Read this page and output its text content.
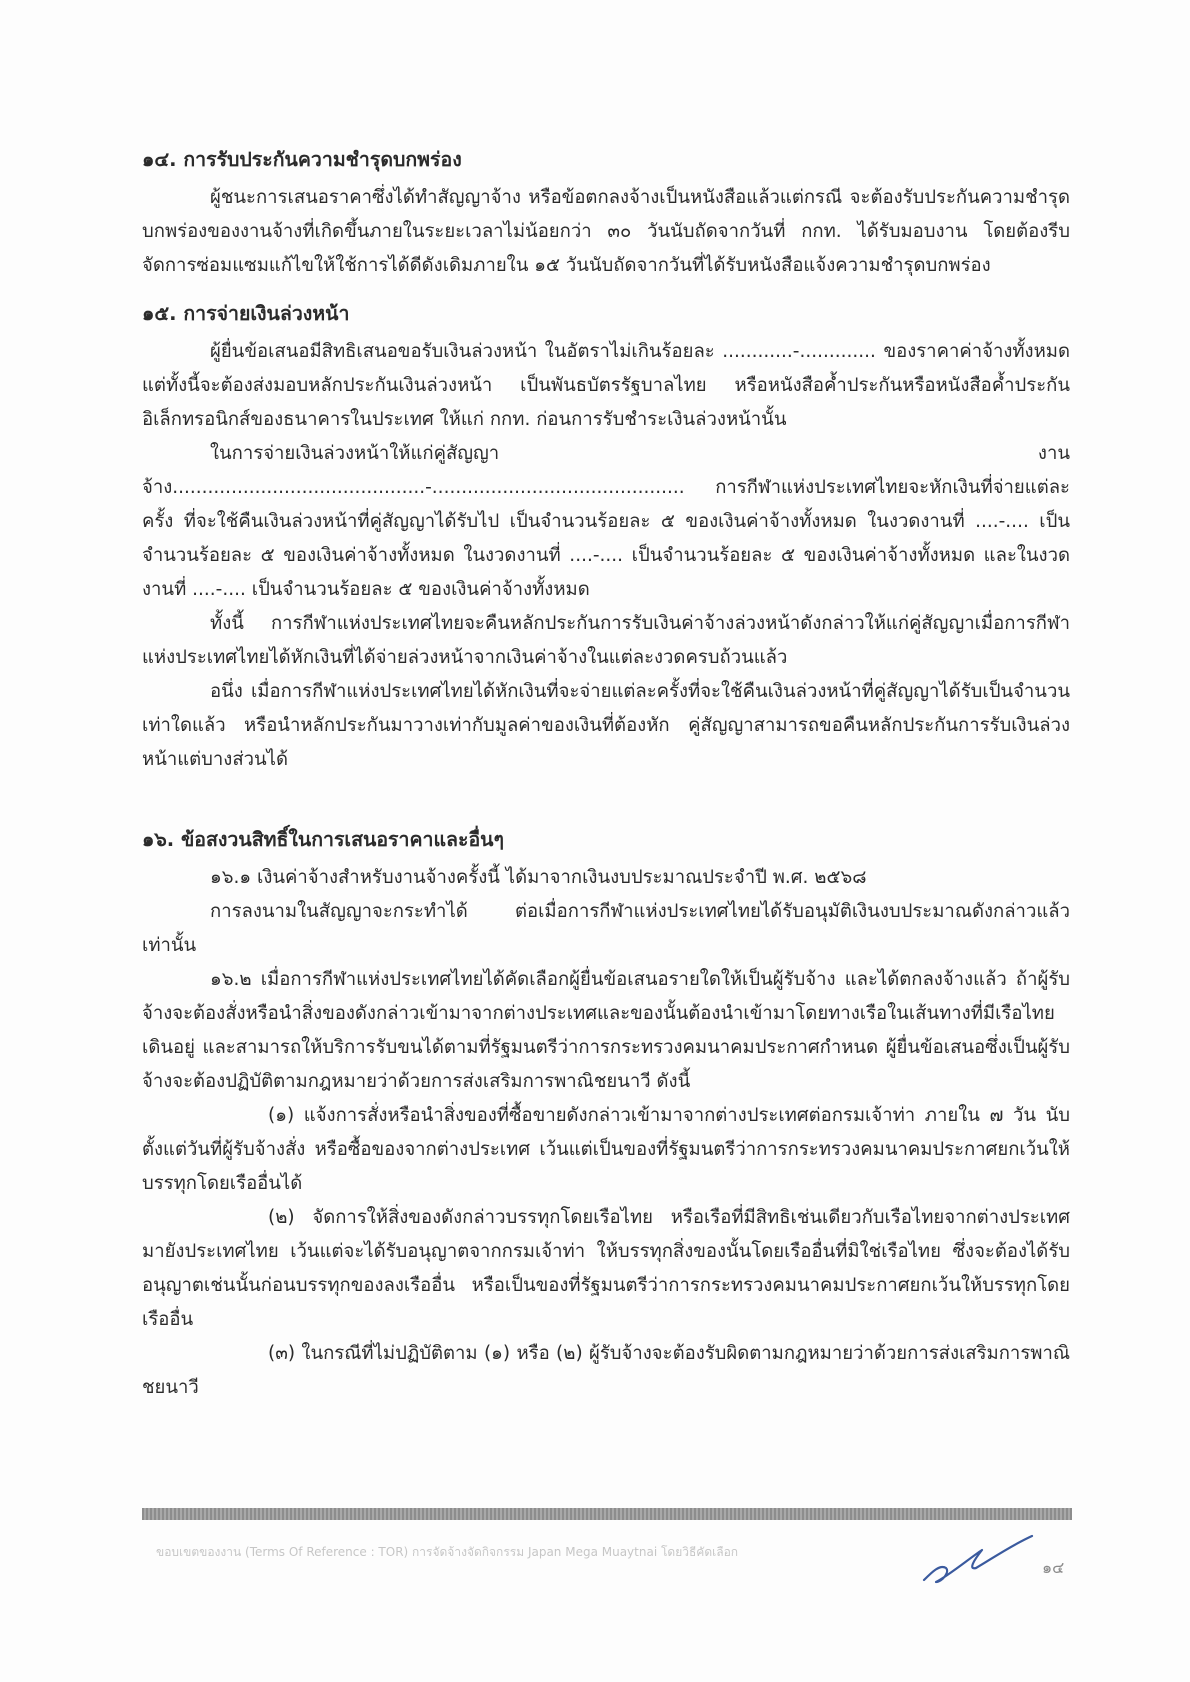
๑๔. การรับประกันความชำรุดบกพร่อง

ผู้ชนะการเสนอราคาซึ่งได้ทำสัญญาจ้าง หรือข้อตกลงจ้างเป็นหนังสือแล้วแต่กรณี จะต้องรับประกันความชำรุดบกพร่องของงานจ้างที่เกิดขึ้นภายในระยะเวลาไม่น้อยกว่า ๓๐ วันนับถัดจากวันที่ กกท. ได้รับมอบงาน โดยต้องรีบจัดการซ่อมแซมแก้ไขให้ใช้การได้ดีดังเดิมภายใน ๑๕ วันนับถัดจากวันที่ได้รับหนังสือแจ้งความชำรุดบกพร่อง

๑๕. การจ่ายเงินล่วงหน้า

ผู้ยื่นข้อเสนอมีสิทธิเสนอขอรับเงินล่วงหน้า ในอัตราไม่เกินร้อยละ ............-............. ของราคาค่าจ้างทั้งหมด แต่ทั้งนี้จะต้องส่งมอบหลักประกันเงินล่วงหน้า เป็นพันธบัตรรัฐบาลไทย หรือหนังสือค้ำประกันหรือหนังสือค้ำประกันอิเล็กทรอนิกส์ของธนาคารในประเทศ ให้แก่ กกท. ก่อนการรับชำระเงินล่วงหน้านั้น

ในการจ่ายเงินล่วงหน้าให้แก่คู่สัญญา งานจ้าง...........................................-........................................... การกีฬาแห่งประเทศไทยจะหักเงินที่จ่ายแต่ละครั้ง ที่จะใช้คืนเงินล่วงหน้าที่คู่สัญญาได้รับไป เป็นจำนวนร้อยละ ๕ ของเงินค่าจ้างทั้งหมด ในงวดงานที่ ....-.... เป็นจำนวนร้อยละ ๕ ของเงินค่าจ้างทั้งหมด ในงวดงานที่ ....-.... เป็นจำนวนร้อยละ ๕ ของเงินค่าจ้างทั้งหมด และในงวดงานที่ ....-.... เป็นจำนวนร้อยละ ๕ ของเงินค่าจ้างทั้งหมด

ทั้งนี้ การกีฬาแห่งประเทศไทยจะคืนหลักประกันการรับเงินค่าจ้างล่วงหน้าดังกล่าวให้แก่คู่สัญญาเมื่อการกีฬาแห่งประเทศไทยได้หักเงินที่ได้จ่ายล่วงหน้าจากเงินค่าจ้างในแต่ละงวดครบถ้วนแล้ว

อนึ่ง เมื่อการกีฬาแห่งประเทศไทยได้หักเงินที่จะจ่ายแต่ละครั้งที่จะใช้คืนเงินล่วงหน้าที่คู่สัญญาได้รับเป็นจำนวนเท่าใดแล้ว หรือนำหลักประกันมาวางเท่ากับมูลค่าของเงินที่ต้องหัก คู่สัญญาสามารถขอคืนหลักประกันการรับเงินล่วงหน้าแต่บางส่วนได้

๑๖. ข้อสงวนสิทธิ์ในการเสนอราคาและอื่นๆ

๑๖.๑ เงินค่าจ้างสำหรับงานจ้างครั้งนี้ ได้มาจากเงินงบประมาณประจำปี พ.ศ. ๒๕๖๘

การลงนามในสัญญาจะกระทำได้ ต่อเมื่อการกีฬาแห่งประเทศไทยได้รับอนุมัติเงินงบประมาณดังกล่าวแล้วเท่านั้น

๑๖.๒ เมื่อการกีฬาแห่งประเทศไทยได้คัดเลือกผู้ยื่นข้อเสนอรายใดให้เป็นผู้รับจ้าง และได้ตกลงจ้างแล้ว ถ้าผู้รับจ้างจะต้องสั่งหรือนำสิ่งของดังกล่าวเข้ามาจากต่างประเทศและของนั้นต้องนำเข้ามาโดยทางเรือในเส้นทางที่มีเรือไทยเดินอยู่ และสามารถให้บริการรับขนได้ตามที่รัฐมนตรีว่าการกระทรวงคมนาคมประกาศกำหนด ผู้ยื่นข้อเสนอซึ่งเป็นผู้รับจ้างจะต้องปฏิบัติตามกฎหมายว่าด้วยการส่งเสริมการพาณิชยนาวี ดังนี้

(๑) แจ้งการสั่งหรือนำสิ่งของที่ซื้อขายดังกล่าวเข้ามาจากต่างประเทศต่อกรมเจ้าท่า ภายใน ๗ วัน นับตั้งแต่วันที่ผู้รับจ้างสั่ง หรือซื้อของจากต่างประเทศ เว้นแต่เป็นของที่รัฐมนตรีว่าการกระทรวงคมนาคมประกาศยกเว้นให้บรรทุกโดยเรืออื่นได้

(๒) จัดการให้สิ่งของดังกล่าวบรรทุกโดยเรือไทย หรือเรือที่มีสิทธิเช่นเดียวกับเรือไทยจากต่างประเทศมายังประเทศไทย เว้นแต่จะได้รับอนุญาตจากกรมเจ้าท่า ให้บรรทุกสิ่งของนั้นโดยเรืออื่นที่มิใช่เรือไทย ซึ่งจะต้องได้รับอนุญาตเช่นนั้นก่อนบรรทุกของลงเรืออื่น หรือเป็นของที่รัฐมนตรีว่าการกระทรวงคมนาคมประกาศยกเว้นให้บรรทุกโดยเรืออื่น

(๓) ในกรณีที่ไม่ปฏิบัติตาม (๑) หรือ (๒) ผู้รับจ้างจะต้องรับผิดตามกฎหมายว่าด้วยการส่งเสริมการพาณิชยนาวี

ขอบเขตของงาน (Terms Of Reference : TOR) การจัดจ้างจัดกิจกรรม Japan Mega Muaytnai โดยวิธีคัดเลือก
๑๔
